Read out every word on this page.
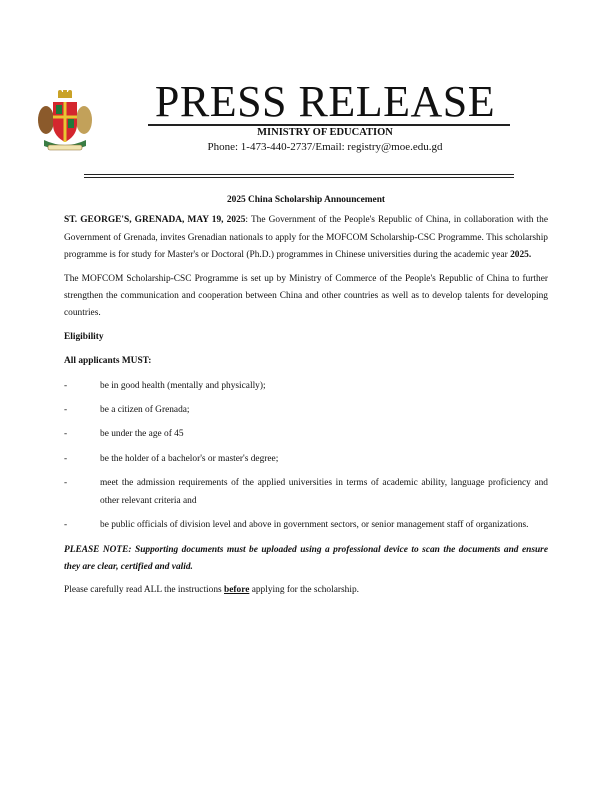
PRESS RELEASE
MINISTRY OF EDUCATION
Phone: 1-473-440-2737/Email: registry@moe.edu.gd
2025 China Scholarship Announcement

ST. GEORGE'S, GRENADA, MAY 19, 2025: The Government of the People's Republic of China, in collaboration with the Government of Grenada, invites Grenadian nationals to apply for the MOFCOM Scholarship-CSC Programme. This scholarship programme is for study for Master's or Doctoral (Ph.D.) programmes in Chinese universities during the academic year 2025.

The MOFCOM Scholarship-CSC Programme is set up by Ministry of Commerce of the People's Republic of China to further strengthen the communication and cooperation between China and other countries as well as to develop talents for developing countries.

Eligibility
All applicants MUST:
-	be in good health (mentally and physically);
-	be a citizen of Grenada;
-	be under the age of 45
-	be the holder of a bachelor's or master's degree;
-	meet the admission requirements of the applied universities in terms of academic ability, language proficiency and other relevant criteria and
-	be public officials of division level and above in government sectors, or senior management staff of organizations.

PLEASE NOTE: Supporting documents must be uploaded using a professional device to scan the documents and ensure they are clear, certified and valid.

Please carefully read ALL the instructions before applying for the scholarship.
